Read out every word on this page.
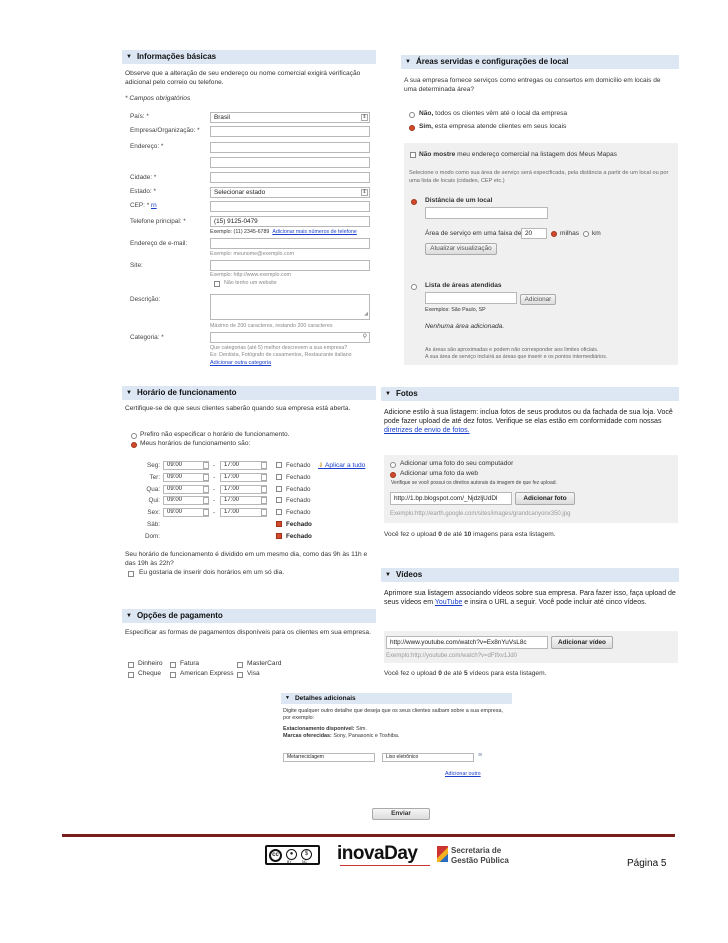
▼ Informações básicas
Observe que a alteração de seu endereço ou nome comercial exigirá verificação adicional pelo correio ou telefone.
* Campos obrigatórios
País: *	Brasil	⇕
Empresa/Organização: *
Endereço: *
Cidade: *
Estado: *	Selecionar estado	⇕
CEP: * rn
Telefone principal: *	(15) 9125-0479
Exemplo: (11) 2345-6789 Adicionar mais números de telefone
Endereço de e-mail:
Exemplo: meunome@exemplo.com
Site:
Exemplo: http://www.exemplo.com
Não tenho um website
Descrição:
◢
Máximo de 200 caracteres, restando 200 caracteres
Categoria: *	⚲
Que categorias (até 5) melhor descrevem a sua empresa?
Ex: Dentista, Fotógrafo de casamentos, Restaurante italiano
Adicionar outra categoria
▼ Áreas servidas e configurações de local
A sua empresa fornece serviços como entregas ou consertos em domicílio em locais de uma determinada área?
Não, todos os clientes vêm até o local da empresa
Sim, esta empresa atende clientes em seus locais
Não mostre meu endereço comercial na listagem dos Meus Mapas
Selecione o modo como sua área de serviço será especificada, pela distância a partir de um local ou por uma lista de locais (cidades, CEP etc.)
Distância de um local
Área de serviço em uma faixa de 20	milhas km
Atualizar visualização
Lista de áreas atendidas
Adicionar
Exemplos: São Paulo, SP
Nenhuma área adicionada.
As áreas são aproximadas e podem não corresponder aos limites oficiais.
A sua área de serviço incluirá as áreas que inserir e os pontos intermediários.
▼ Horário de funcionamento
Certifique-se de que seus clientes saberão quando sua empresa está aberta.
Prefiro não especificar o horário de funcionamento.
Meus horários de funcionamento são:
Seg:	09:00	-	17:00	Fechado
Ter:	09:00	-	17:00	Fechado
Qua:	09:00	-	17:00	Fechado
Qui:	09:00	-	17:00	Fechado
Sex:	09:00	-	17:00	Fechado
Sáb:	Fechado
Dom:	Fechado
⇓ Aplicar a tudo
Seu horário de funcionamento é dividido em um mesmo dia, como das 9h às 11h e das 19h às 22h?
Eu gostaria de inserir dois horários em um só dia.
▼ Opções de pagamento
Especificar as formas de pagamentos disponíveis para os clientes em sua empresa.
Dinheiro	Fatura	MasterCard
Cheque	American Express Visa
▼ Fotos
Adicione estilo à sua listagem: inclua fotos de seus produtos ou da fachada de sua loja. Você pode fazer upload de até dez fotos. Verifique se elas estão em conformidade com nossas diretrizes de envio de fotos.
Adicionar uma foto do seu computador
Adicionar uma foto da web
Verifique se você possui os direitos autorais da imagem de que fez upload.
http://1.bp.blogspot.com/_NjdzljUdDl	Adicionar foto
Exemplo:http://earth.google.com/sites/images/grandcanyonx350.jpg
Você fez o upload 0 de até 10 imagens para esta listagem.
▼ Vídeos
Aprimore sua listagem associando vídeos sobre sua empresa. Para fazer isso, faça upload de seus vídeos em YouTube e insira o URL a seguir. Você pode incluir até cinco vídeos.
http://www.youtube.com/watch?v=Ex8nYuVsL8c	Adicionar vídeo
Exemplo:http://youtube.com/watch?v=dFtfxv1Jd0
Você fez o upload 0 de até 5 vídeos para esta listagem.
▼ Detalhes adicionais
Digite qualquer outro detalhe que deseja que os seus clientes saibam sobre a sua empresa, por exemplo:
Estacionamento disponível: Sim.
Marcas oferecidas: Sony, Panasonic e Toshiba.
Metarreciclagem	Lixo eletrônico	≡
Adicionar outro
Enviar
cc	●	$
BY	NC inovaDay	Secretaria de
Gestão Pública	Página 5
